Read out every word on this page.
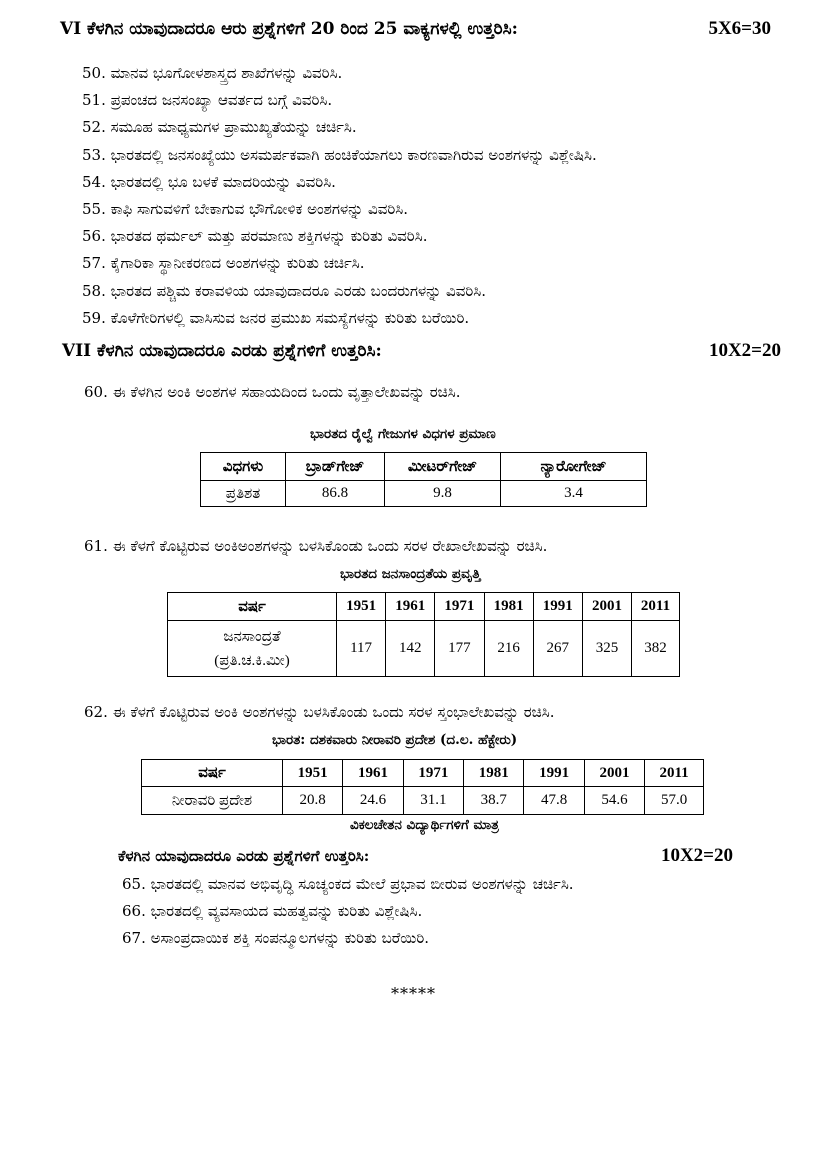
VI ಕೆಳಗಿನ ಯಾವುದಾದರೂ ಆರು ಪ್ರಶ್ನೆಗಳಿಗೆ 20 ರಿಂದ 25 ವಾಕ್ಯಗಳಲ್ಲಿ ಉತ್ತರಿಸಿ:	5X6=30
50. ಮಾನವ ಭೂಗೋಳಶಾಸ್ತ್ರದ ಶಾಖೆಗಳನ್ನು ವಿವರಿಸಿ.
51. ಪ್ರಪಂಚದ ಜನಸಂಖ್ಯಾ ಆವರ್ತದ ಬಗ್ಗೆ ವಿವರಿಸಿ.
52. ಸಮೂಹ ಮಾಧ್ಯಮಗಳ ಪ್ರಾಮುಖ್ಯತೆಯನ್ನು ಚರ್ಚಿಸಿ.
53. ಭಾರತದಲ್ಲಿ ಜನಸಂಖ್ಯೆಯು ಅಸಮರ್ಪಕವಾಗಿ ಹಂಚಿಕೆಯಾಗಲು ಕಾರಣವಾಗಿರುವ ಅಂಶಗಳನ್ನು ವಿಶ್ಲೇಷಿಸಿ.
54. ಭಾರತದಲ್ಲಿ ಭೂ ಬಳಕೆ ಮಾದರಿಯನ್ನು ವಿವರಿಸಿ.
55. ಕಾಫಿ ಸಾಗುವಳಿಗೆ ಬೇಕಾಗುವ ಭೌಗೋಳಿಕ ಅಂಶಗಳನ್ನು ವಿವರಿಸಿ.
56. ಭಾರತದ ಥರ್ಮಲ್ ಮತ್ತು ಪರಮಾಣು ಶಕ್ತಿಗಳನ್ನು ಕುರಿತು ವಿವರಿಸಿ.
57. ಕೈಗಾರಿಕಾ ಸ್ಥಾನೀಕರಣದ ಅಂಶಗಳನ್ನು ಕುರಿತು ಚರ್ಚಿಸಿ.
58. ಭಾರತದ ಪಶ್ಚಿಮ ಕರಾವಳಿಯ ಯಾವುದಾದರೂ ಎರಡು ಬಂದರುಗಳನ್ನು ವಿವರಿಸಿ.
59. ಕೊಳೆಗೇರಿಗಳಲ್ಲಿ ವಾಸಿಸುವ ಜನರ ಪ್ರಮುಖ ಸಮಸ್ಯೆಗಳನ್ನು ಕುರಿತು ಬರೆಯಿರಿ.
VII ಕೆಳಗಿನ ಯಾವುದಾದರೂ ಎರಡು ಪ್ರಶ್ನೆಗಳಿಗೆ ಉತ್ತರಿಸಿ:	10X2=20
60. ಈ ಕೆಳಗಿನ ಅಂಕಿ ಅಂಶಗಳ ಸಹಾಯದಿಂದ ಒಂದು ವೃತ್ತಾಲೇಖವನ್ನು ರಚಿಸಿ.
ಭಾರತದ ರೈಲ್ವೆ ಗೇಜುಗಳ ವಿಧಗಳ ಪ್ರಮಾಣ
ವಿಧಗಳು	ಬ್ರಾಡ್‌ಗೇಜ್	ಮೀಟರ್‌ಗೇಜ್	ನ್ಯಾರೋಗೇಜ್
ಪ್ರತಿಶತ	86.8	9.8	3.4
61. ಈ ಕೆಳಗೆ ಕೊಟ್ಟಿರುವ ಅಂಕಿಅಂಶಗಳನ್ನು ಬಳಸಿಕೊಂಡು ಒಂದು ಸರಳ ರೇಖಾಲೇಖವನ್ನು ರಚಿಸಿ.
ಭಾರತದ ಜನಸಾಂದ್ರತೆಯ ಪ್ರವೃತ್ತಿ
ವರ್ಷ	1951	1961	1971	1981	1991	2001	2011
ಜನಸಾಂದ್ರತೆ
(ಪ್ರತಿ.ಚ.ಕಿ.ಮೀ)	117	142	177	216	267	325	382
62. ಈ ಕೆಳಗೆ ಕೊಟ್ಟಿರುವ ಅಂಕಿ ಅಂಶಗಳನ್ನು ಬಳಸಿಕೊಂಡು ಒಂದು ಸರಳ ಸ್ತಂಭಾಲೇಖವನ್ನು ರಚಿಸಿ.
ಭಾರತ: ದಶಕವಾರು ನೀರಾವರಿ ಪ್ರದೇಶ (ದ.ಲ. ಹೆಕ್ಟೇರು)
ವರ್ಷ	1951	1961	1971	1981	1991	2001	2011
ನೀರಾವರಿ ಪ್ರದೇಶ	20.8	24.6	31.1	38.7	47.8	54.6	57.0
ವಿಕಲಚೇತನ ವಿದ್ಯಾರ್ಥಿಗಳಿಗೆ ಮಾತ್ರ
ಕೆಳಗಿನ ಯಾವುದಾದರೂ ಎರಡು ಪ್ರಶ್ನೆಗಳಿಗೆ ಉತ್ತರಿಸಿ:	10X2=20
65. ಭಾರತದಲ್ಲಿ ಮಾನವ ಅಭಿವೃದ್ಧಿ ಸೂಚ್ಯಂಕದ ಮೇಲೆ ಪ್ರಭಾವ ಬೀರುವ ಅಂಶಗಳನ್ನು ಚರ್ಚಿಸಿ.
66. ಭಾರತದಲ್ಲಿ ವ್ಯವಸಾಯದ ಮಹತ್ವವನ್ನು ಕುರಿತು ವಿಶ್ಲೇಷಿಸಿ.
67. ಅಸಾಂಪ್ರದಾಯಿಕ ಶಕ್ತಿ ಸಂಪನ್ಮೂಲಗಳನ್ನು ಕುರಿತು ಬರೆಯಿರಿ.
*****
